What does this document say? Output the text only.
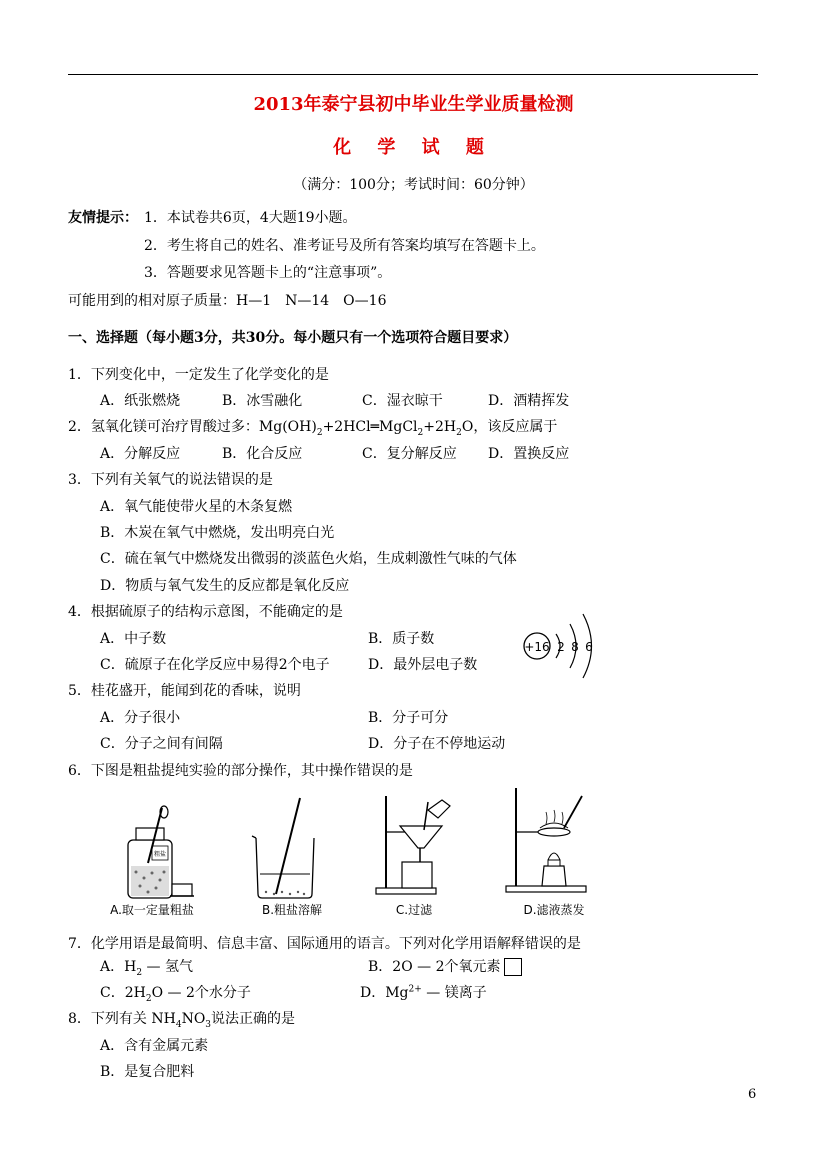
2013年泰宁县初中毕业生学业质量检测
化 学 试 题
（满分：100分；考试时间：60分钟）
友情提示： 1．本试卷共6页，4大题19小题。
2．考生将自己的姓名、准考证号及所有答案均填写在答题卡上。
3．答题要求见答题卡上的“注意事项”。
可能用到的相对原子质量：H—1　N—14　O—16
一、选择题（每小题3分，共30分。每小题只有一个选项符合题目要求）
1．下列变化中，一定发生了化学变化的是
A．纸张燃烧	B．冰雪融化	C．湿衣晾干	D．酒精挥发
2．氢氧化镁可治疗胃酸过多：$Mg(OH)_2+2HCl═MgCl_2+2H_2O$，该反应属于
A．分解反应	B．化合反应	C．复分解反应 D．置换反应
3．下列有关氧气的说法错误的是
A．氧气能使带火星的木条复燃
B．木炭在氧气中燃烧，发出明亮白光
C．硫在氧气中燃烧发出微弱的淡蓝色火焰，生成刺激性气味的气体
D．物质与氧气发生的反应都是氧化反应
4．根据硫原子的结构示意图，不能确定的是
A．中子数	B．质子数
C．硫原子在化学反应中易得2个电子	D．最外层电子数
+16 2 8 6
5．桂花盛开，能闻到花的香味，说明
A．分子很小	B．分子可分
C．分子之间有间隔	D．分子在不停地运动
6．下图是粗盐提纯实验的部分操作，其中操作错误的是
粗盐
A.取一定量粗盐	B.粗盐溶解	C.过滤	D.滤液蒸发
7．化学用语是最简明、信息丰富、国际通用的语言。下列对化学用语解释错误的是
A．$H_2$ — 氢气	B．2O — 2个氧元素
C．$2H_2O$ — 2个水分子	D．$Mg^{2+}$ — 镁离子
8．下列有关 $NH_4NO_3$说法正确的是
A．含有金属元素
B．是复合肥料
6
